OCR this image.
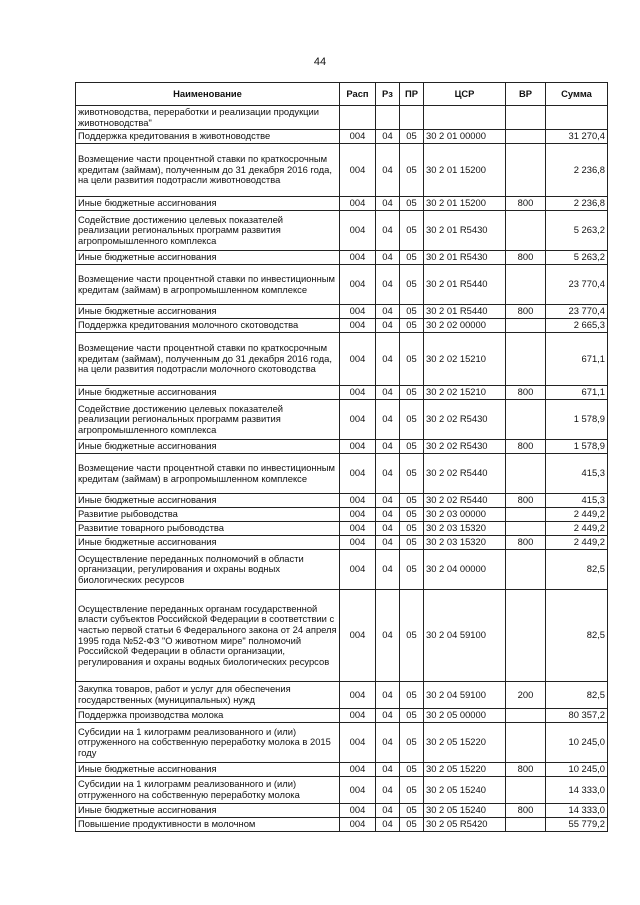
44
Наименование	Расп	Рз	ПР	ЦСР	ВР	Сумма
животноводства, переработки и реализации продукции животноводства"						
Поддержка кредитования в животноводстве	004	04	05	30 2 01 00000		31 270,4
Возмещение части процентной ставки по краткосрочным кредитам (займам), полученным до 31 декабря 2016 года, на цели развития подотрасли животноводства	004	04	05	30 2 01 15200		2 236,8
Иные бюджетные ассигнования	004	04	05	30 2 01 15200	800	2 236,8
Содействие достижению целевых показателей реализации региональных программ развития агропромышленного комплекса	004	04	05	30 2 01 R5430		5 263,2
Иные бюджетные ассигнования	004	04	05	30 2 01 R5430	800	5 263,2
Возмещение части процентной ставки по инвестиционным кредитам (займам) в агропромышленном комплексе	004	04	05	30 2 01 R5440		23 770,4
Иные бюджетные ассигнования	004	04	05	30 2 01 R5440	800	23 770,4
Поддержка кредитования молочного скотоводства	004	04	05	30 2 02 00000		2 665,3
Возмещение части процентной ставки по краткосрочным кредитам (займам), полученным до 31 декабря 2016 года, на цели развития подотрасли молочного скотоводства	004	04	05	30 2 02 15210		671,1
Иные бюджетные ассигнования	004	04	05	30 2 02 15210	800	671,1
Содействие достижению целевых показателей реализации региональных программ развития агропромышленного комплекса	004	04	05	30 2 02 R5430		1 578,9
Иные бюджетные ассигнования	004	04	05	30 2 02 R5430	800	1 578,9
Возмещение части процентной ставки по инвестиционным кредитам (займам) в агропромышленном комплексе	004	04	05	30 2 02 R5440		415,3
Иные бюджетные ассигнования	004	04	05	30 2 02 R5440	800	415,3
Развитие рыбоводства	004	04	05	30 2 03 00000		2 449,2
Развитие товарного рыбоводства	004	04	05	30 2 03 15320		2 449,2
Иные бюджетные ассигнования	004	04	05	30 2 03 15320	800	2 449,2
Осуществление переданных полномочий в области организации, регулирования и охраны водных биологических ресурсов	004	04	05	30 2 04 00000		82,5
Осуществление переданных органам государственной власти субъектов Российской Федерации в соответствии с частью первой статьи 6 Федерального закона от 24 апреля 1995 года №52-ФЗ "О животном мире" полномочий Российской Федерации в области организации, регулирования и охраны водных биологических ресурсов	004	04	05	30 2 04 59100		82,5
Закупка товаров, работ и услуг для обеспечения государственных (муниципальных) нужд	004	04	05	30 2 04 59100	200	82,5
Поддержка производства молока	004	04	05	30 2 05 00000		80 357,2
Субсидии на 1 килограмм реализованного и (или) отгруженного на собственную переработку молока в 2015 году	004	04	05	30 2 05 15220		10 245,0
Иные бюджетные ассигнования	004	04	05	30 2 05 15220	800	10 245,0
Субсидии на 1 килограмм реализованного и (или) отгруженного на собственную переработку молока	004	04	05	30 2 05 15240		14 333,0
Иные бюджетные ассигнования	004	04	05	30 2 05 15240	800	14 333,0
Повышение продуктивности в молочном	004	04	05	30 2 05 R5420		55 779,2
